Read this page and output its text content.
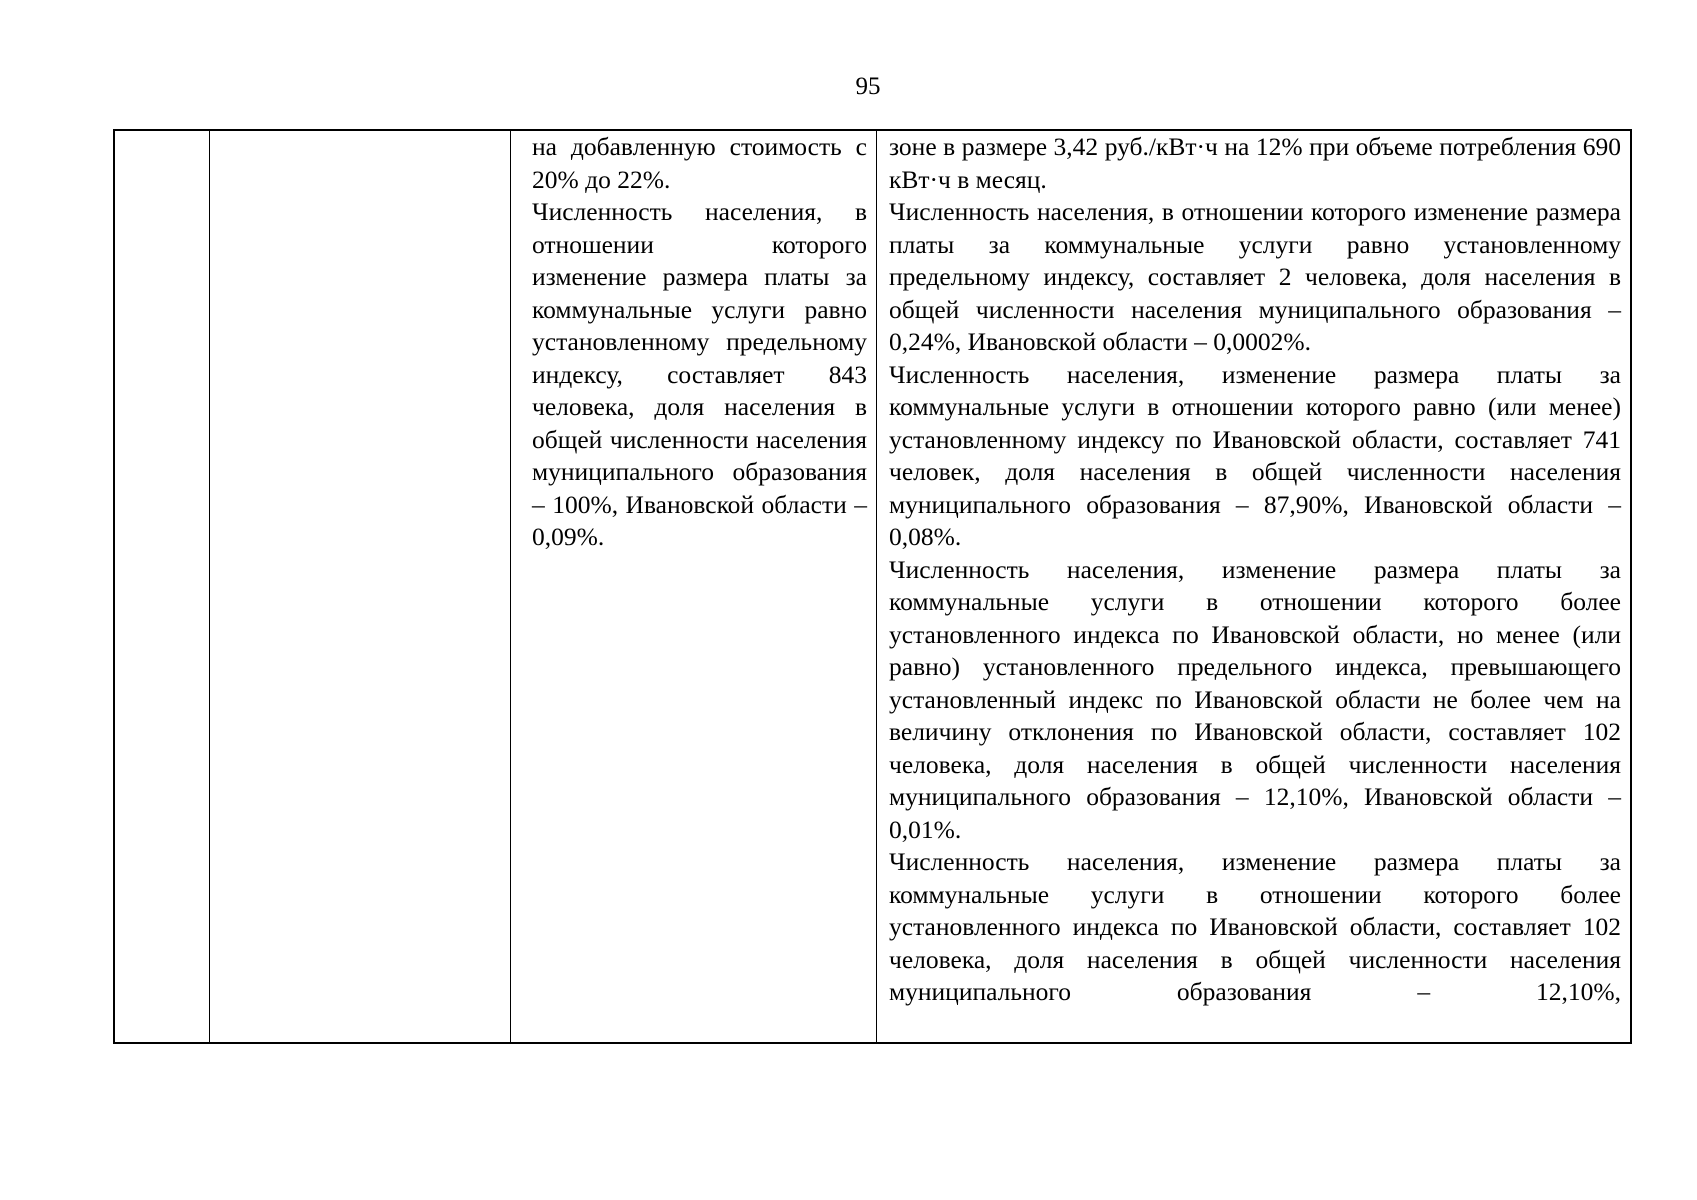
95

на добавленную стоимость с 20% до 22%.

Численность населения, в отношении которого изменение размера платы за коммунальные услуги равно установленному предельному индексу, составляет 843 человека, доля населения в общей численности населения муниципального образования – 100%, Ивановской области – 0,09%.

зоне в размере 3,42 руб./кВт·ч на 12% при объеме потребления 690 кВт·ч в месяц.

Численность населения, в отношении которого изменение размера платы за коммунальные услуги равно установленному предельному индексу, составляет 2 человека, доля населения в общей численности населения муниципального образования – 0,24%, Ивановской области – 0,0002%.

Численность населения, изменение размера платы за коммунальные услуги в отношении которого равно (или менее) установленному индексу по Ивановской области, составляет 741 человек, доля населения в общей численности населения муниципального образования – 87,90%, Ивановской области – 0,08%.

Численность населения, изменение размера платы за коммунальные услуги в отношении которого более установленного индекса по Ивановской области, но менее (или равно) установленного предельного индекса, превышающего установленный индекс по Ивановской области не более чем на величину отклонения по Ивановской области, составляет 102 человека, доля населения в общей численности населения муниципального образования – 12,10%, Ивановской области – 0,01%.

Численность населения, изменение размера платы за коммунальные услуги в отношении которого более установленного индекса по Ивановской области, составляет 102 человека, доля населения в общей численности населения муниципального образования – 12,10%,
